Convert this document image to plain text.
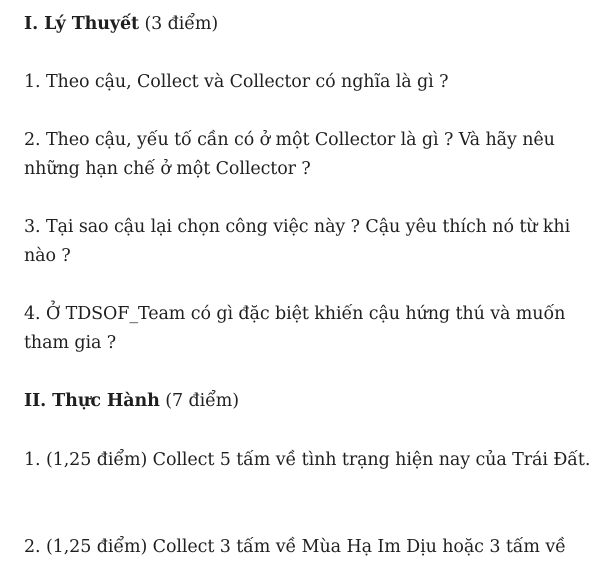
I. Lý Thuyết (3 điểm)
1. Theo cậu, Collect và Collector có nghĩa là gì ?
2. Theo cậu, yếu tố cần có ở một Collector là gì ? Và hãy nêu
những hạn chế ở một Collector ?
3. Tại sao cậu lại chọn công việc này ? Cậu yêu thích nó từ khi
nào ?
4. Ở TDSOF_Team có gì đặc biệt khiến cậu hứng thú và muốn
tham gia ?
II. Thực Hành (7 điểm)
1. (1,25 điểm) Collect 5 tấm về tình trạng hiện nay của Trái Đất.
2. (1,25 điểm) Collect 3 tấm về Mùa Hạ Im Dịu hoặc 3 tấm về
